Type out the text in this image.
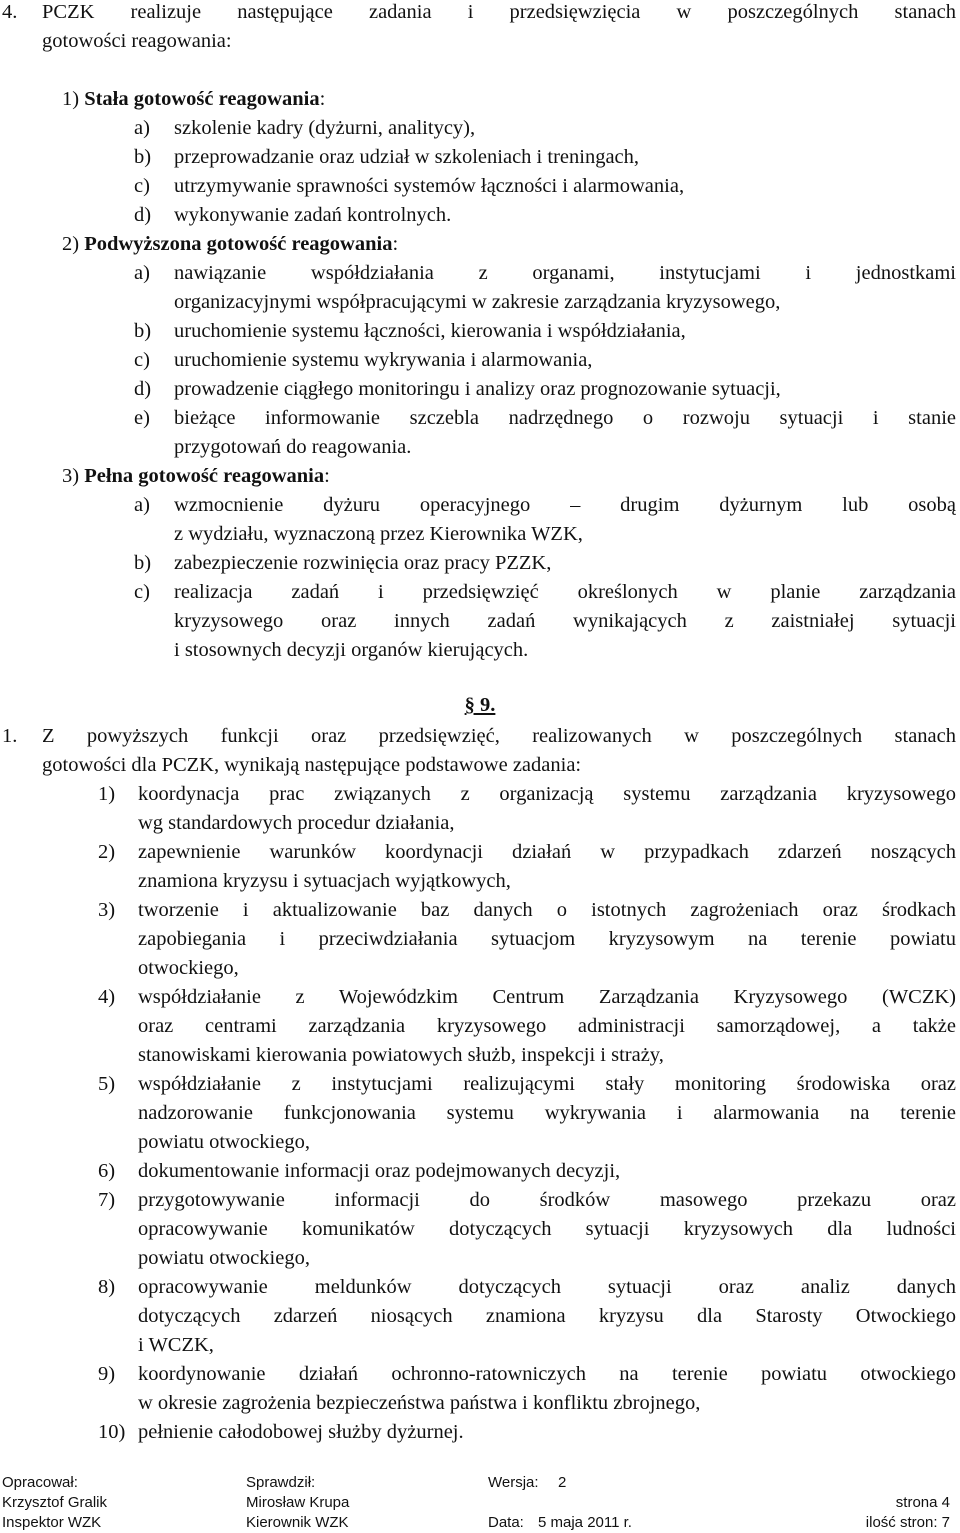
4. PCZK realizuje następujące zadania i przedsięwzięcia w poszczególnych stanach
gotowości reagowania:
1) Stała gotowość reagowania:
a) szkolenie kadry (dyżurni, analitycy),
b) przeprowadzanie oraz udział w szkoleniach i treningach,
c) utrzymywanie sprawności systemów łączności i alarmowania,
d) wykonywanie zadań kontrolnych.
2) Podwyższona gotowość reagowania:
a) nawiązanie współdziałania z organami, instytucjami i jednostkami
organizacyjnymi współpracującymi w zakresie zarządzania kryzysowego,
b) uruchomienie systemu łączności, kierowania i współdziałania,
c) uruchomienie systemu wykrywania i alarmowania,
d) prowadzenie ciągłego monitoringu i analizy oraz prognozowanie sytuacji,
e) bieżące informowanie szczebla nadrzędnego o rozwoju sytuacji i stanie
przygotowań do reagowania.
3) Pełna gotowość reagowania:
a) wzmocnienie dyżuru operacyjnego – drugim dyżurnym lub osobą
z wydziału, wyznaczoną przez Kierownika WZK,
b) zabezpieczenie rozwinięcia oraz pracy PZZK,
c) realizacja zadań i przedsięwzięć określonych w planie zarządzania
kryzysowego oraz innych zadań wynikających z zaistniałej sytuacji
i stosownych decyzji organów kierujących.
§ 9.
1. Z powyższych funkcji oraz przedsięwzięć, realizowanych w poszczególnych stanach
gotowości dla PCZK, wynikają następujące podstawowe zadania:
1) koordynacja prac związanych z organizacją systemu zarządzania kryzysowego
wg standardowych procedur działania,
2) zapewnienie warunków koordynacji działań w przypadkach zdarzeń noszących
znamiona kryzysu i sytuacjach wyjątkowych,
3) tworzenie i aktualizowanie baz danych o istotnych zagrożeniach oraz środkach
zapobiegania i przeciwdziałania sytuacjom kryzysowym na terenie powiatu
otwockiego,
4) współdziałanie z Wojewódzkim Centrum Zarządzania Kryzysowego (WCZK)
oraz centrami zarządzania kryzysowego administracji samorządowej, a także
stanowiskami kierowania powiatowych służb, inspekcji i straży,
5) współdziałanie z instytucjami realizującymi stały monitoring środowiska oraz
nadzorowanie funkcjonowania systemu wykrywania i alarmowania na terenie
powiatu otwockiego,
6) dokumentowanie informacji oraz podejmowanych decyzji,
7) przygotowywanie informacji do środków masowego przekazu oraz
opracowywanie komunikatów dotyczących sytuacji kryzysowych dla ludności
powiatu otwockiego,
8) opracowywanie meldunków dotyczących sytuacji oraz analiz danych
dotyczących zdarzeń niosących znamiona kryzysu dla Starosty Otwockiego
i WCZK,
9) koordynowanie działań ochronno-ratowniczych na terenie powiatu otwockiego
w okresie zagrożenia bezpieczeństwa państwa i konfliktu zbrojnego,
10) pełnienie całodobowej służby dyżurnej.
Opracował:
Krzysztof Gralik
Inspektor WZK
Sprawdził:
Mirosław Krupa
Kierownik WZK
Wersja: 2
Data: 5 maja 2011 r.
strona 4
ilość stron: 7
